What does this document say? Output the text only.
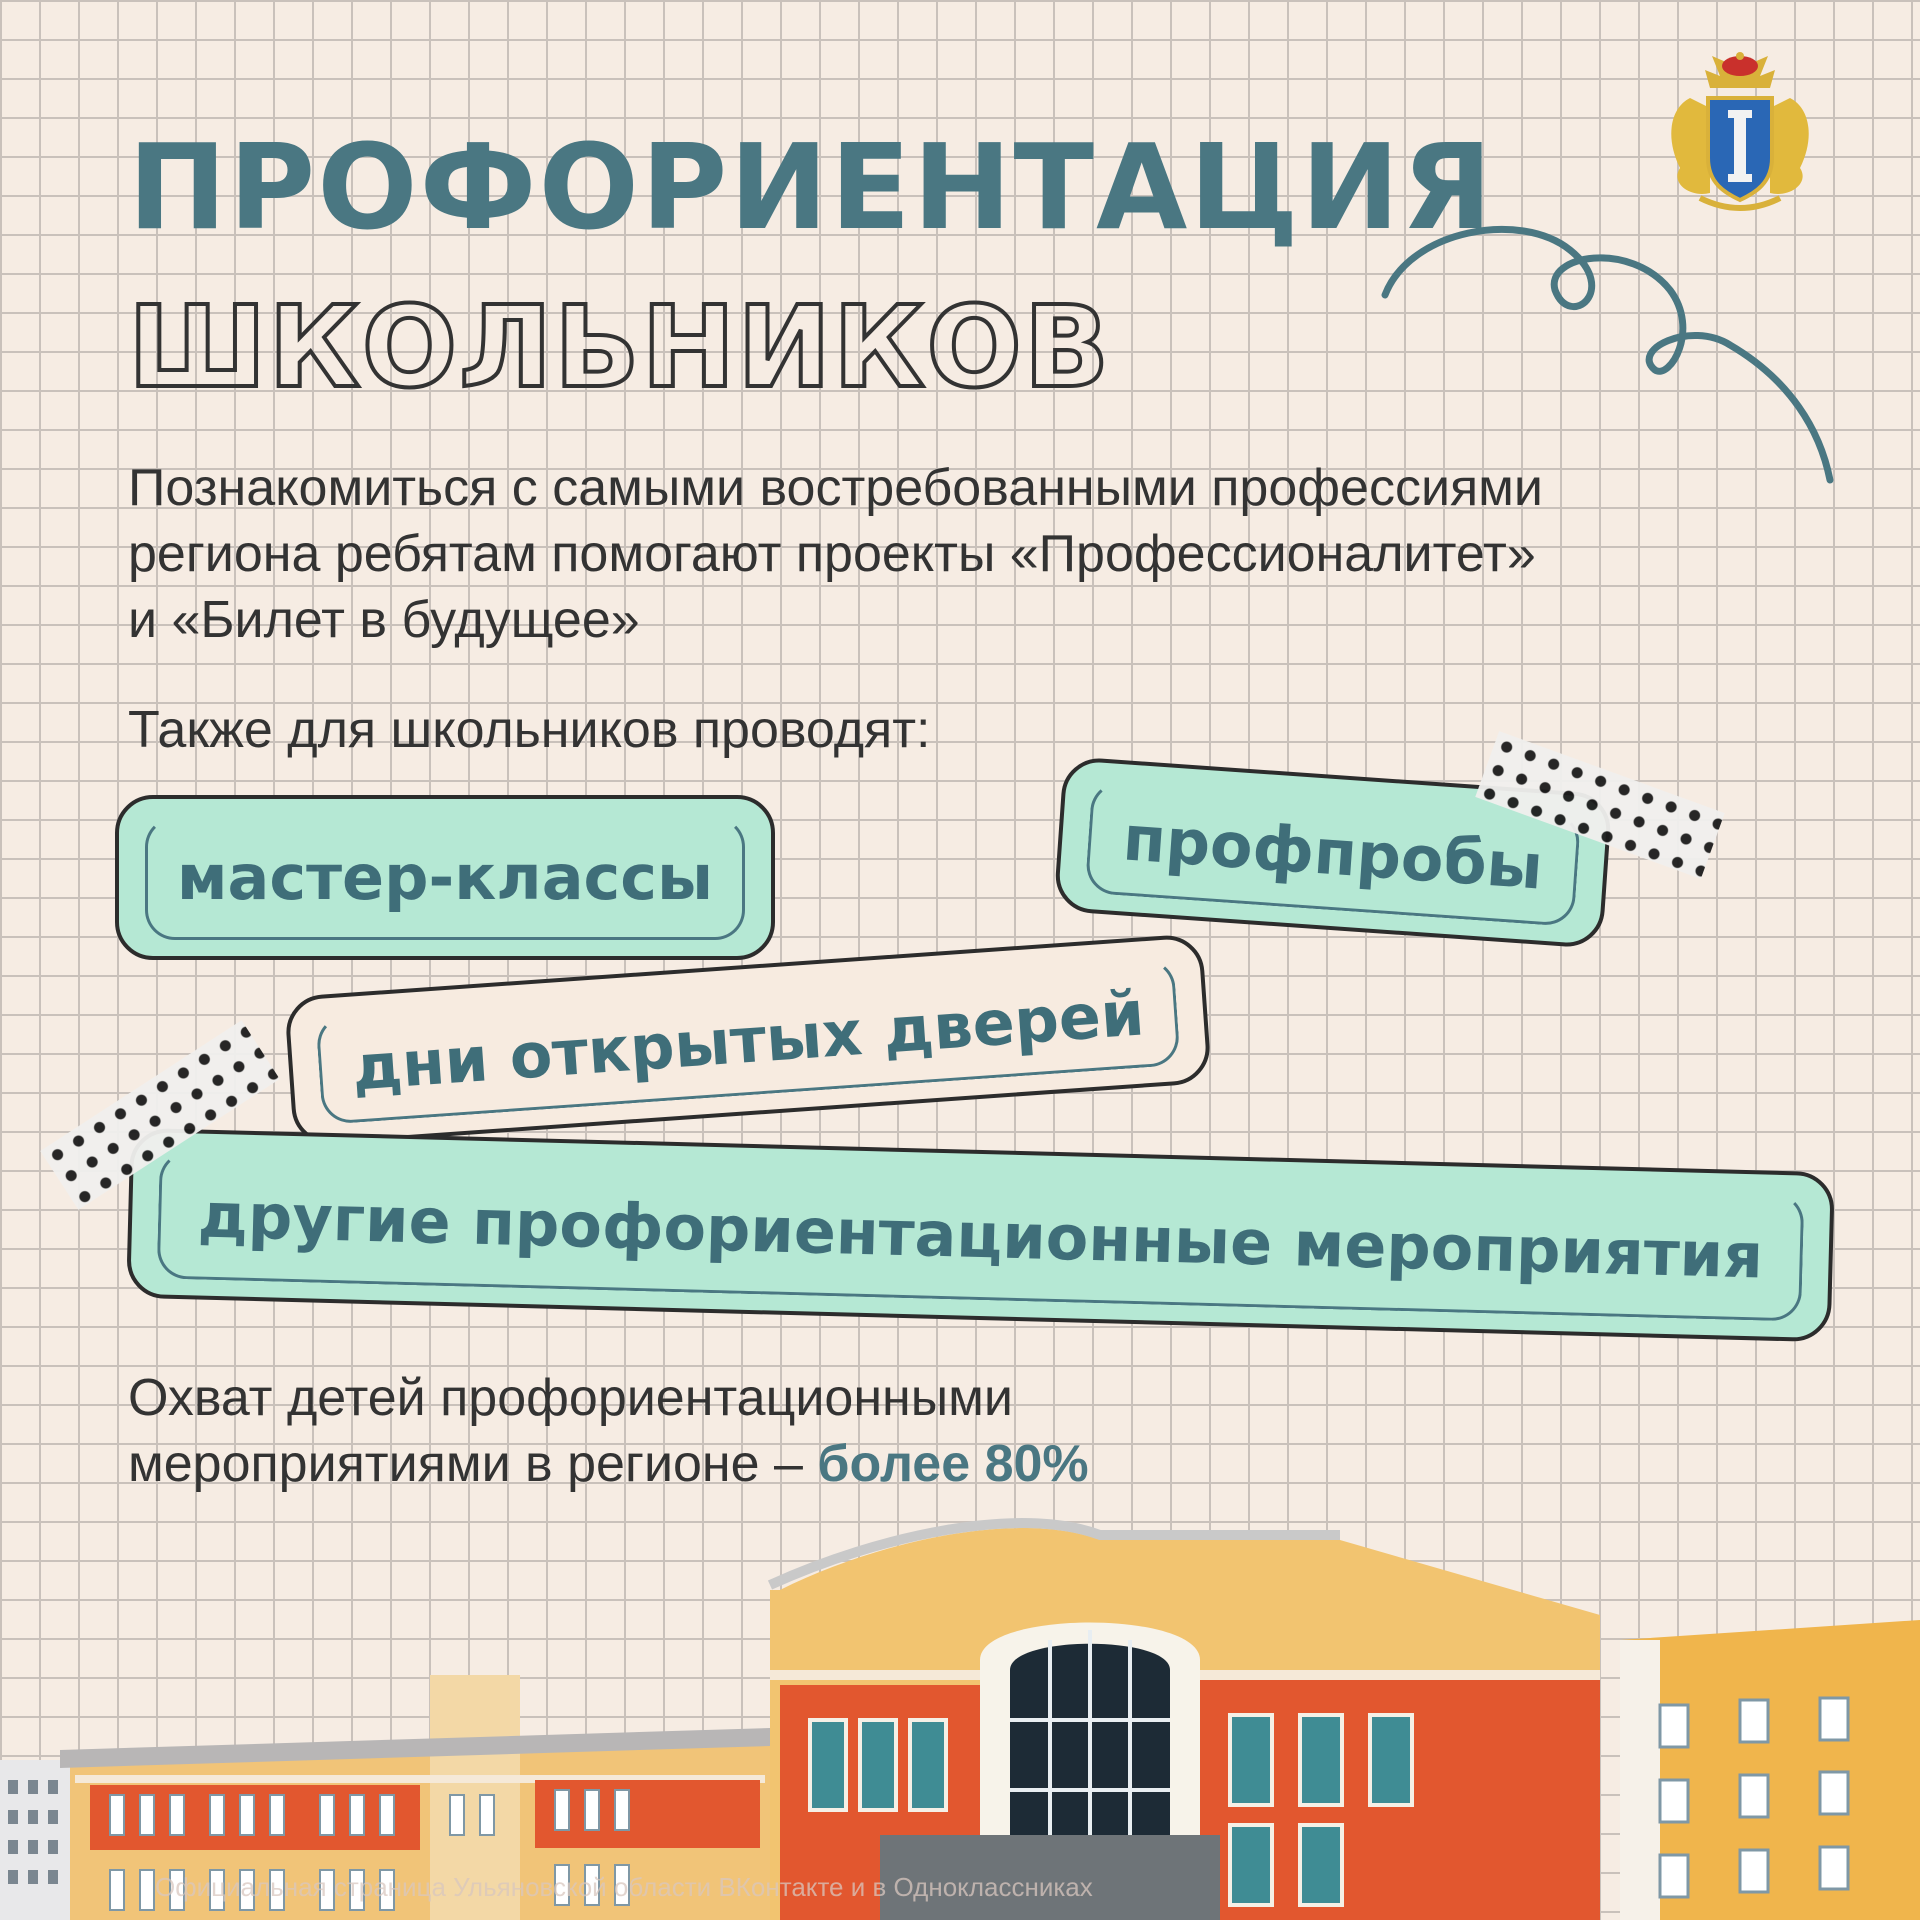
ПРОФОРИЕНТАЦИЯ
ШКОЛЬНИКОВ
Познакомиться с самыми востребованными профессиями
региона ребятам помогают проекты «Профессионалитет»
и «Билет в будущее»

Также для школьников проводят:

мастер-классы	профпробы
дни открытых дверей
другие профориентационные мероприятия
Охват детей профориентационными
мероприятиями в регионе – более 80%

Официальная страница Ульяновской области ВКонтакте и в Одноклассниках
